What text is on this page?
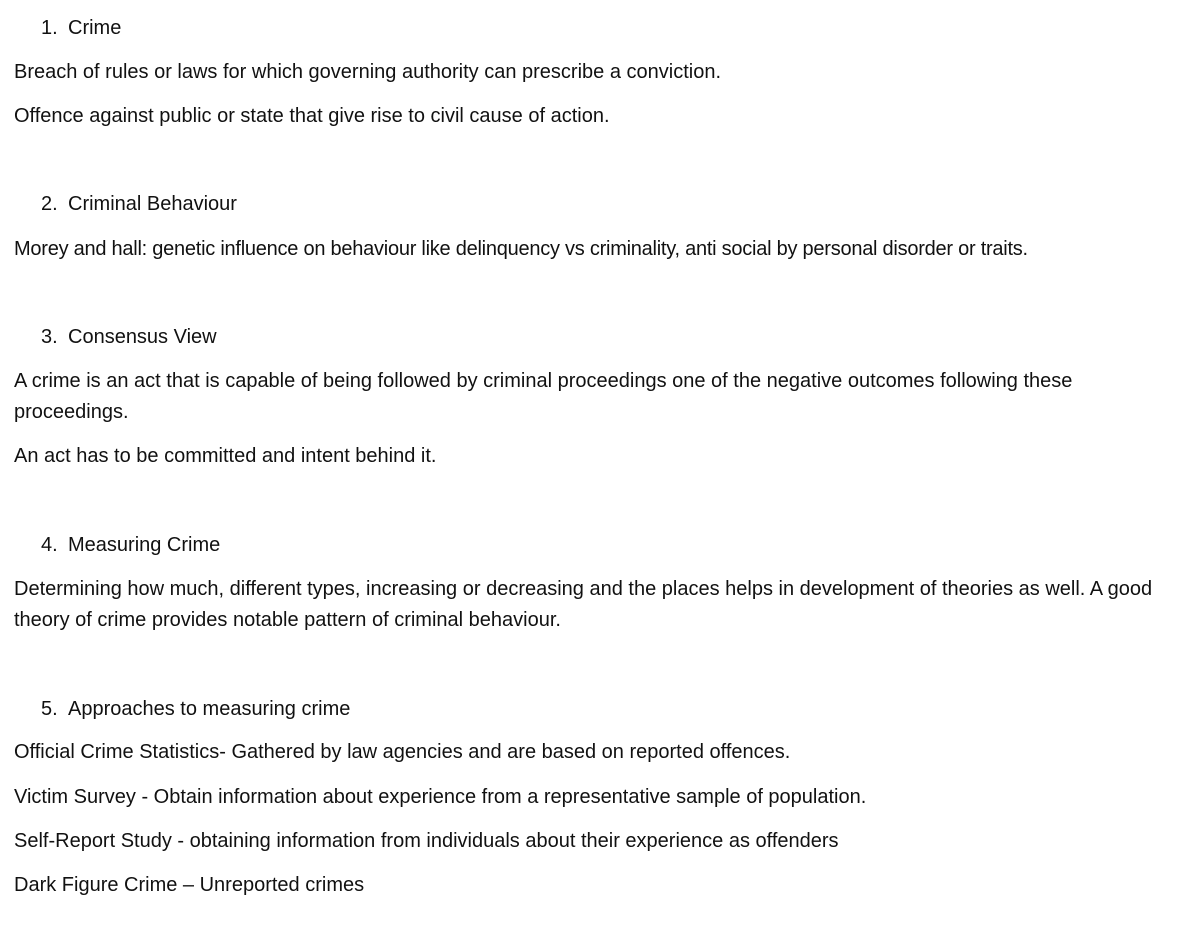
1. Crime
Breach of rules or laws for which governing authority can prescribe a conviction.
Offence against public or state that give rise to civil cause of action.
2. Criminal Behaviour
Morey and hall: genetic influence on behaviour like delinquency vs criminality, anti social by personal disorder or traits.
3. Consensus View
A crime is an act that is capable of being followed by criminal proceedings one of the negative outcomes following these proceedings.
An act has to be committed and intent behind it.
4. Measuring Crime
Determining how much, different types, increasing or decreasing and the places helps in development of theories as well. A good theory of crime provides notable pattern of criminal behaviour.
5. Approaches to measuring crime
Official Crime Statistics- Gathered by law agencies and are based on reported offences.
Victim Survey - Obtain information about experience from a representative sample of population.
Self-Report Study - obtaining information from individuals about their experience as offenders
Dark Figure Crime – Unreported crimes
